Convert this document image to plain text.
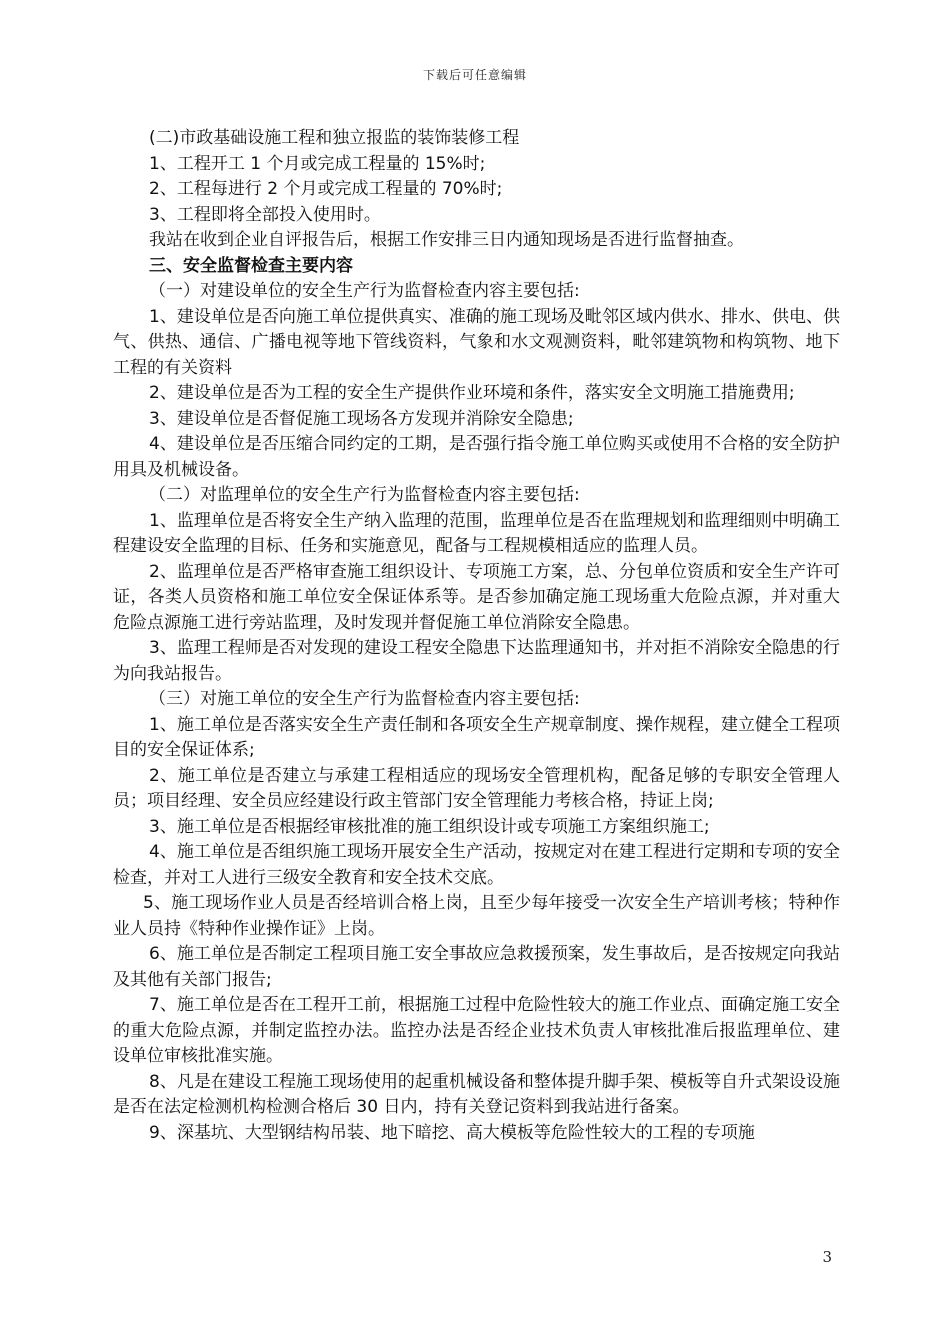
下载后可任意编辑

(二)市政基础设施工程和独立报监的装饰装修工程

1、工程开工 1 个月或完成工程量的 15%时;

2、工程每进行 2 个月或完成工程量的 70%时;

3、工程即将全部投入使用时。

我站在收到企业自评报告后，根据工作安排三日内通知现场是否进行监督抽查。

三、安全监督检查主要内容

（一）对建设单位的安全生产行为监督检查内容主要包括:

1、建设单位是否向施工单位提供真实、准确的施工现场及毗邻区域内供水、排水、供电、供气、供热、通信、广播电视等地下管线资料，气象和水文观测资料，毗邻建筑物和构筑物、地下工程的有关资料

2、建设单位是否为工程的安全生产提供作业环境和条件，落实安全文明施工措施费用;

3、建设单位是否督促施工现场各方发现并消除安全隐患;

4、建设单位是否压缩合同约定的工期，是否强行指令施工单位购买或使用不合格的安全防护用具及机械设备。

（二）对监理单位的安全生产行为监督检查内容主要包括:

1、监理单位是否将安全生产纳入监理的范围，监理单位是否在监理规划和监理细则中明确工程建设安全监理的目标、任务和实施意见，配备与工程规模相适应的监理人员。

2、监理单位是否严格审查施工组织设计、专项施工方案，总、分包单位资质和安全生产许可证，各类人员资格和施工单位安全保证体系等。是否参加确定施工现场重大危险点源，并对重大危险点源施工进行旁站监理，及时发现并督促施工单位消除安全隐患。

3、监理工程师是否对发现的建设工程安全隐患下达监理通知书，并对拒不消除安全隐患的行为向我站报告。

（三）对施工单位的安全生产行为监督检查内容主要包括:

1、施工单位是否落实安全生产责任制和各项安全生产规章制度、操作规程，建立健全工程项目的安全保证体系;

2、施工单位是否建立与承建工程相适应的现场安全管理机构，配备足够的专职安全管理人员；项目经理、安全员应经建设行政主管部门安全管理能力考核合格，持证上岗;

3、施工单位是否根据经审核批准的施工组织设计或专项施工方案组织施工;

4、施工单位是否组织施工现场开展安全生产活动，按规定对在建工程进行定期和专项的安全检查，并对工人进行三级安全教育和安全技术交底。

5、施工现场作业人员是否经培训合格上岗，且至少每年接受一次安全生产培训考核；特种作业人员持《特种作业操作证》上岗。

6、施工单位是否制定工程项目施工安全事故应急救援预案，发生事故后，是否按规定向我站及其他有关部门报告;

7、施工单位是否在工程开工前，根据施工过程中危险性较大的施工作业点、面确定施工安全的重大危险点源，并制定监控办法。监控办法是否经企业技术负责人审核批准后报监理单位、建设单位审核批准实施。

8、凡是在建设工程施工现场使用的起重机械设备和整体提升脚手架、模板等自升式架设设施是否在法定检测机构检测合格后 30 日内，持有关登记资料到我站进行备案。

9、深基坑、大型钢结构吊装、地下暗挖、高大模板等危险性较大的工程的专项施

3
